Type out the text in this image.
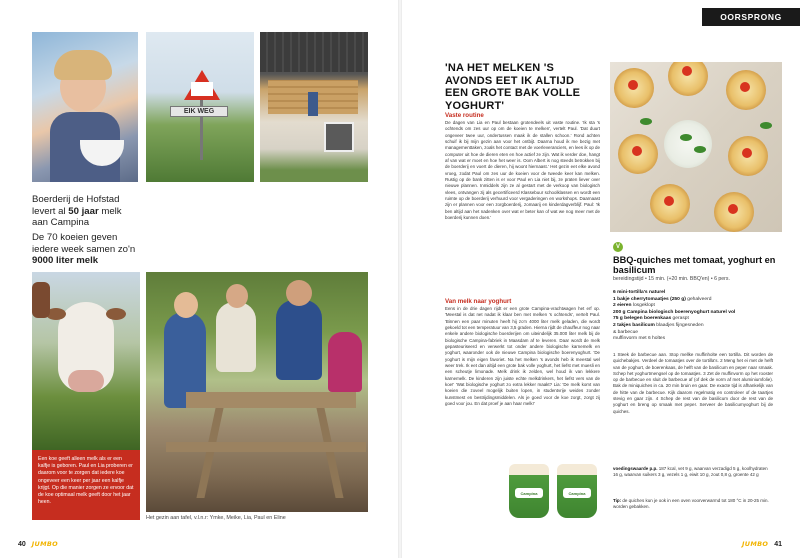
EIK WEG
Boerderij de Hofstad levert al 50 jaar melk aan Campina
De 70 koeien geven iedere week samen zo'n 9000 liter melk
Een koe geeft alleen melk als er een kalfje is geboren. Paul en Lia proberen er daarom voor te zorgen dat iedere koe ongeveer een keer per jaar een kalfje krijgt. Op die manier zorgen ze ervoor dat de koe optimaal melk geeft door het jaar heen.
Het gezin aan tafel, v.l.n.r: Ymke, Meike, Lia, Paul en Eline
40 JUMBO
OORSPRONG
'NA HET MELKEN 'S AVONDS EET IK ALTIJD EEN GROTE BAK VOLLE YOGHURT'
Vaste routine
De dagen van Lia en Paul bestaan grotendeels uit vaste routine. 'Ik sta 's ochtends om zes uur op om de koeien te melken', vertelt Paul. 'Dat duurt ongeveer twee uur, ondertussen maak ik de stallen schoon.' Rond achten schuif ik bij mijn gezin aan voor het ontbijt. Daarna houd ik me bezig met managementtaken, zoals het contact met de voerleveranciers, en lees ik op de computer uit hoe de dieren eten en hoe actief ze zijn. Wat ik verder doe, hangt af van wat er moet en hoe het weer is. Oom Albert is nog steeds betrokken bij de boerderij en voert de dieren, hij woont hiernaast.' Het gezin eet elke avond vroeg, zodat Paul om zes uur de koeien voor de tweede keer kan melken. Rustig op de bank zitten is er voor Paul en Lia niet bij, ze praten liever over nieuwe plannen. Inmiddels zijn ze al gestart met de verkoop van biologisch vlees, ontvangen zij als gecertificeerd Klassebuur schoolklassen en wordt een ruimte op de boerderij verhuurd voor vergaderingen en workshops. Daarnaast zijn er plannen voor een zorgboerderij, zomaarij en kinderdagverblijf. Paul: 'Ik ben altijd aan het nadenken over wat er beter kan of wat we nog meer met de boerderij kunnen doen.'
Van melk naar yoghurt
Eens in de drie dagen rijdt er een grote Campina-vrachtwagen het erf op. 'Meestal is dat net nadat ik klaar ben met melken 's ochtends', vertelt Paul. 'Binnen een paar minuten heeft hij zo'n 4000 liter melk geladen, die wordt gekoeld tot een temperatuur van 3,5 graden. Hierna rijdt de chauffeur nog naar enkele andere biologische boerderijen om uiteindelijk 35.000 liter melk bij de biologische Campina-fabriek in Maasdam af te leveren. Daar wordt de melk gepasteuriseerd en verwerkt tot onder andere biologische karnemelk en yoghurt, waaronder ook de nieuwe Campina biologische boerenyoghurt. 'De yoghurt is mijn eigen favoriet. Na het melken 's avonds heb ik meestal wel weer trek. Ik eet dan altijd een grote bak volle yoghurt, het liefst met muesli en een scheutje limonade. Melk drink ik zelden, wel houd ik van lekkere karnemelk. De kinderen zijn juiste echte melkdrinkers, het liefst vers van de koe!' 'Wat biologische yoghurt zo extra lekker maakt? Lia: 'De melk komt van koeien die zoveel mogelijk buiten lopen, in studentvrije weides zonder kunstmest en bestrijdingsmiddelen. Als je goed voor de koe zorgt, zorgt zij goed voor jou. En dat proef je aan haar melk!'
Campina	Campina
V
BBQ-quiches met tomaat, yoghurt en basilicum
bereidingstijd • 15 min. (+20 min. BBQ'en) • 6 pers.
6 mini-tortilla's naturel
1 bakje cherrytomaatjes (250 g) gehalveerd
2 eieren losgeklopt
200 g Campina biologisch boerenyoghurt naturel vol
75 g belegen boerenkaas geraspt
2 takjes basilicum blaadjes fijngesneden
& barbecue
muffinvorm met 6 holtes
1 Steek de barbecue aan. Stop mellke muffinholte een tortilla. Dit worden de quichebakjes. Verdeel de tomaatjes over de tortilla's. 2 Meng het ei met de helft van de yoghurt, de boerenkaas, de helft van de basilicum en peper naar smaak. Schep het yoghurtmengsel op de tomaatjes. 3 Zet de muffinvorm op het rooster op de barbecue en sluit de barbecue af (of dek de vorm af met aluminiumfolie). Bak de miniquiches in ca. 20 min bruin en gaar. De exacte tijd is afhankelijk van de hitte van de barbecue. Kijk daarom regelmatig en controleer of de taartjes stevig en gaar zijn. 4 Schep de rest van de basilicum door de rest van de yoghurt en breng op smaak met peper. Serveer de basilicumyoghurt bij de quiches.
voedingswaarde p.p. 187 kcal, vet 9 g, waarvan verzadigd 5 g, koolhydraten 16 g, waarvan suikers 3 g, vezels 1 g, eiwit 10 g, zout 0,8 g, groente 42 g
Tip: de quiches kun je ook in een oven voorverwarmd tot 180 °C in 20-25 min. worden gebakken.
JUMBO 41
